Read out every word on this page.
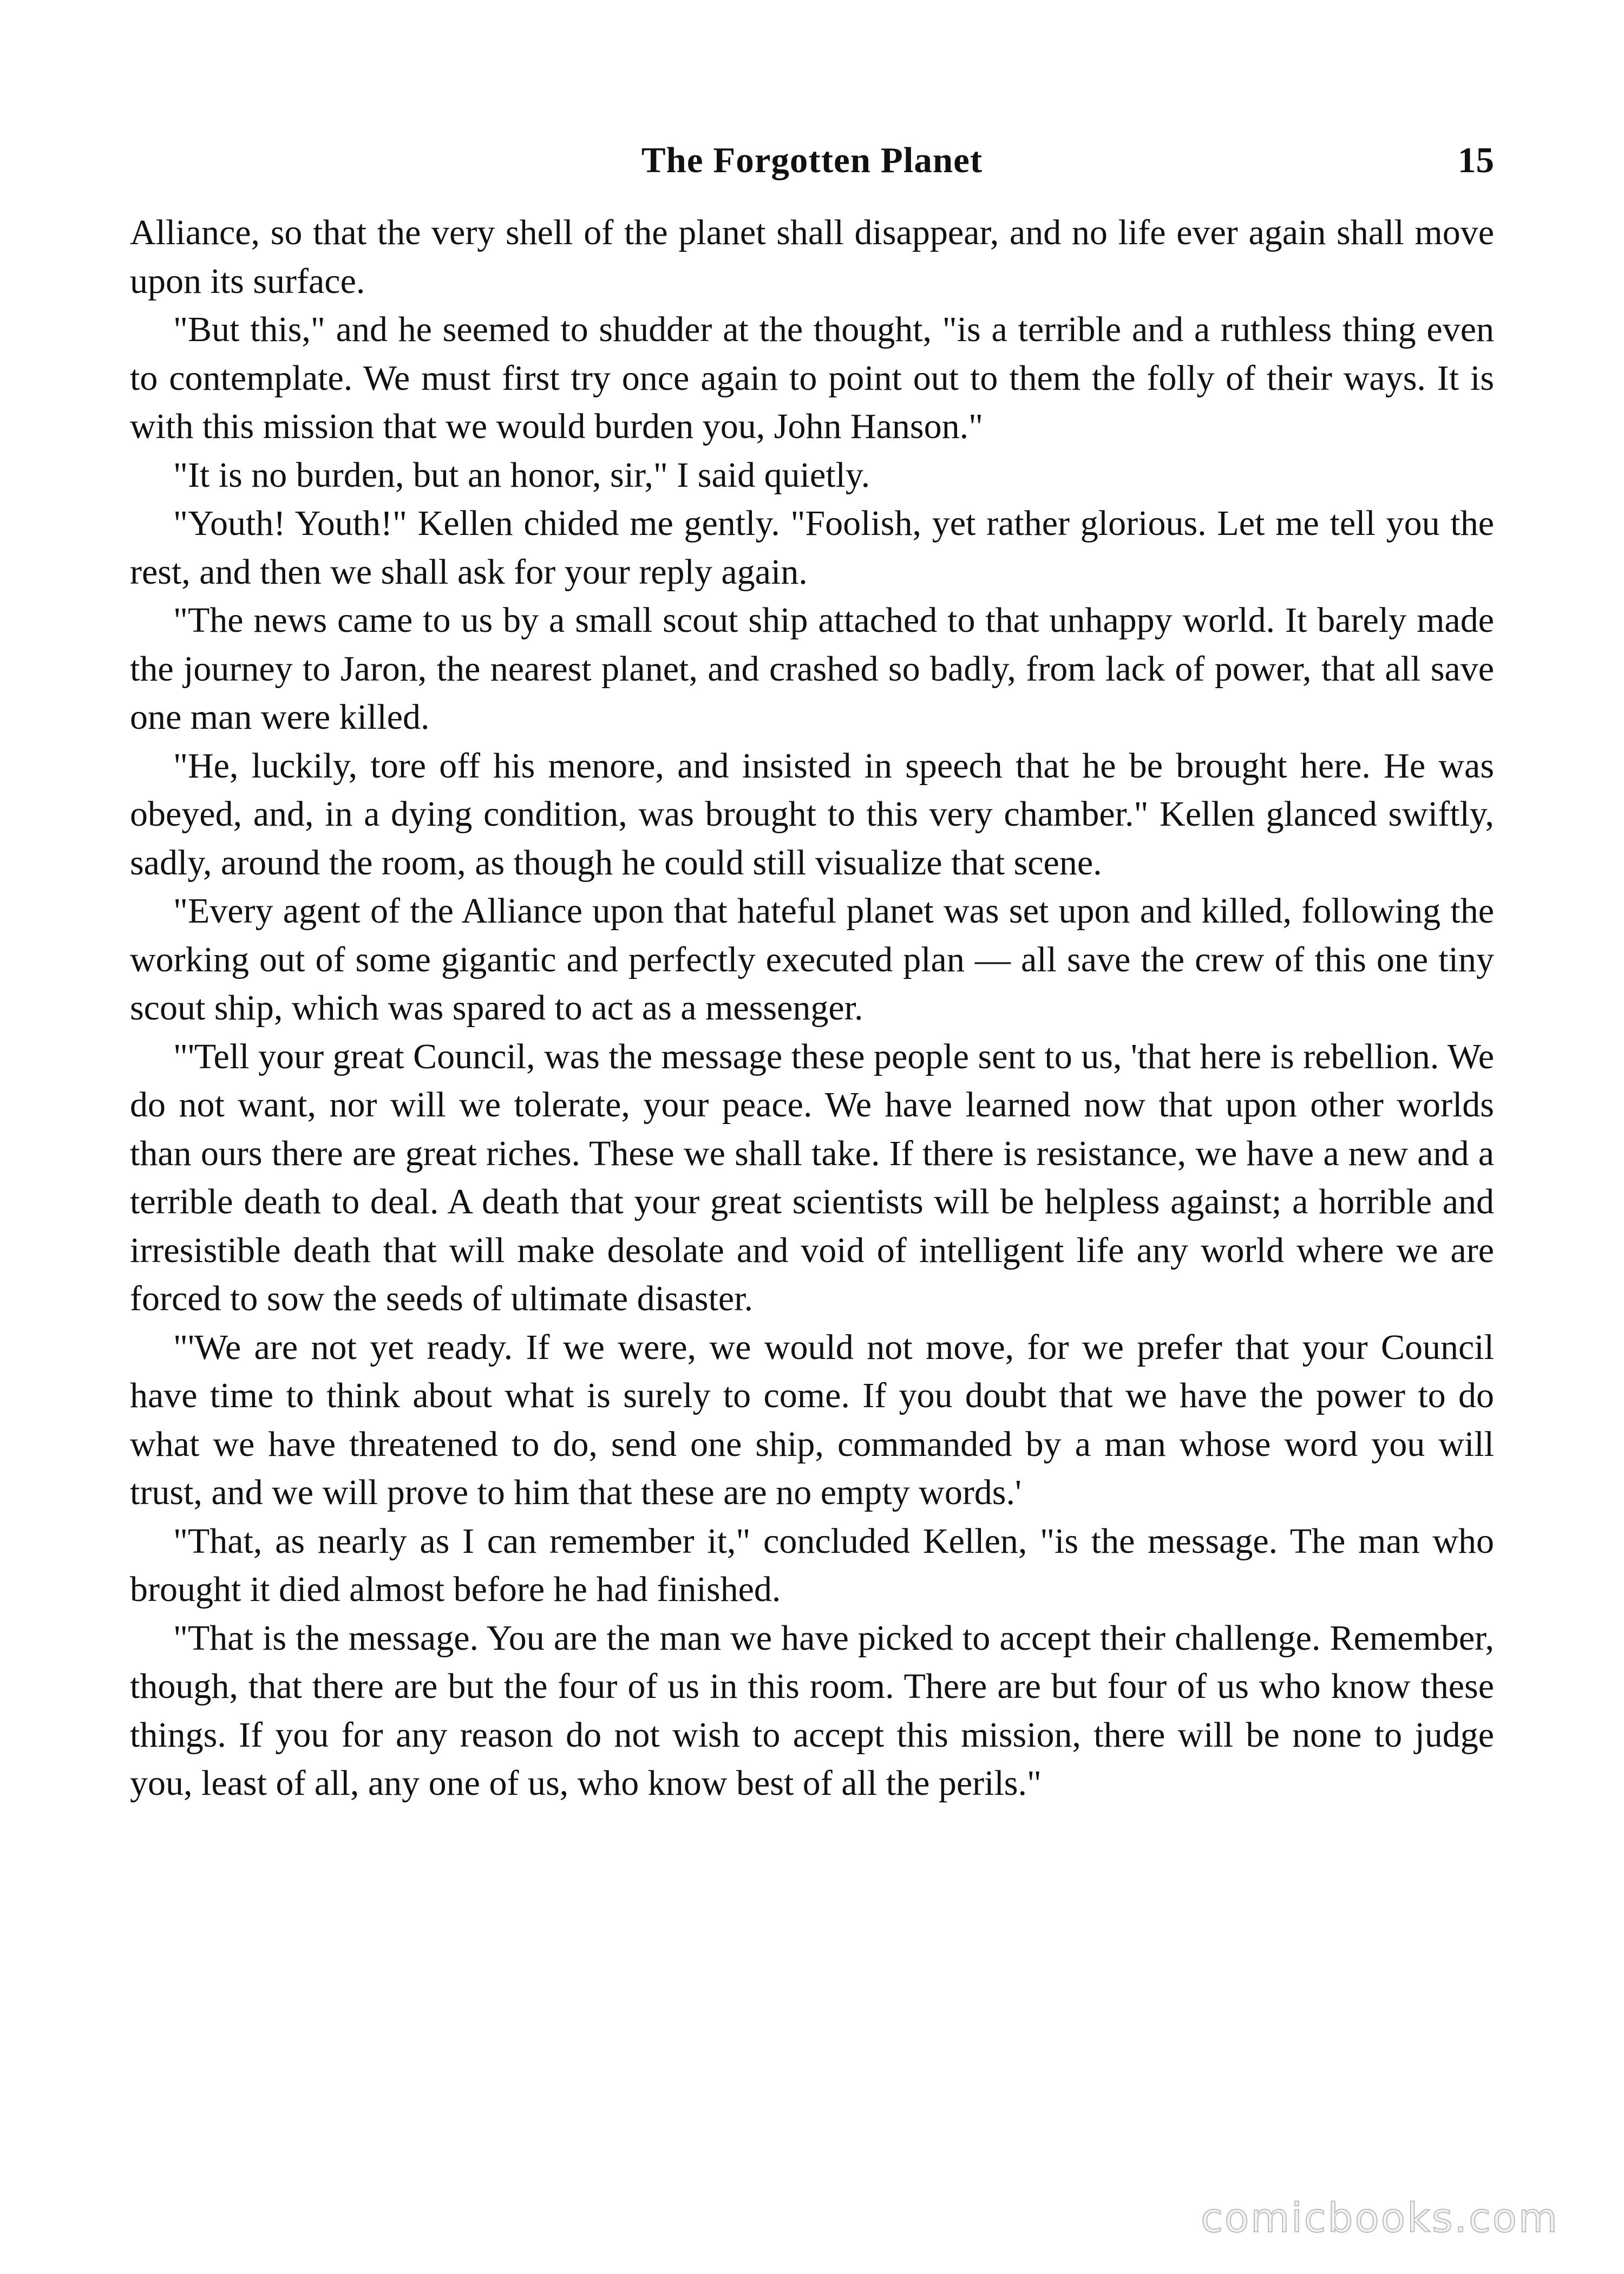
The Forgotten Planet	15

Alliance, so that the very shell of the planet shall disappear, and no life ever again shall move upon its surface.

"But this," and he seemed to shudder at the thought, "is a terrible and a ruthless thing even to contemplate. We must first try once again to point out to them the folly of their ways. It is with this mission that we would burden you, John Hanson."

"It is no burden, but an honor, sir," I said quietly.

"Youth! Youth!" Kellen chided me gently. "Foolish, yet rather glorious. Let me tell you the rest, and then we shall ask for your reply again.

"The news came to us by a small scout ship attached to that unhappy world. It barely made the journey to Jaron, the nearest planet, and crashed so badly, from lack of power, that all save one man were killed.

"He, luckily, tore off his menore, and insisted in speech that he be brought here. He was obeyed, and, in a dying condition, was brought to this very chamber." Kellen glanced swiftly, sadly, around the room, as though he could still visualize that scene.

"Every agent of the Alliance upon that hateful planet was set upon and killed, following the working out of some gigantic and perfectly executed plan — all save the crew of this one tiny scout ship, which was spared to act as a messenger.

"'Tell your great Council, was the message these people sent to us, 'that here is rebellion. We do not want, nor will we tolerate, your peace. We have learned now that upon other worlds than ours there are great riches. These we shall take. If there is resistance, we have a new and a terrible death to deal. A death that your great scientists will be helpless against; a horrible and irresistible death that will make desolate and void of intelligent life any world where we are forced to sow the seeds of ultimate disaster.

"'We are not yet ready. If we were, we would not move, for we prefer that your Council have time to think about what is surely to come. If you doubt that we have the power to do what we have threatened to do, send one ship, commanded by a man whose word you will trust, and we will prove to him that these are no empty words.'

"That, as nearly as I can remember it," concluded Kellen, "is the message. The man who brought it died almost before he had finished.

"That is the message. You are the man we have picked to accept their challenge. Remember, though, that there are but the four of us in this room. There are but four of us who know these things. If you for any reason do not wish to accept this mission, there will be none to judge you, least of all, any one of us, who know best of all the perils."

comicbooks.com
